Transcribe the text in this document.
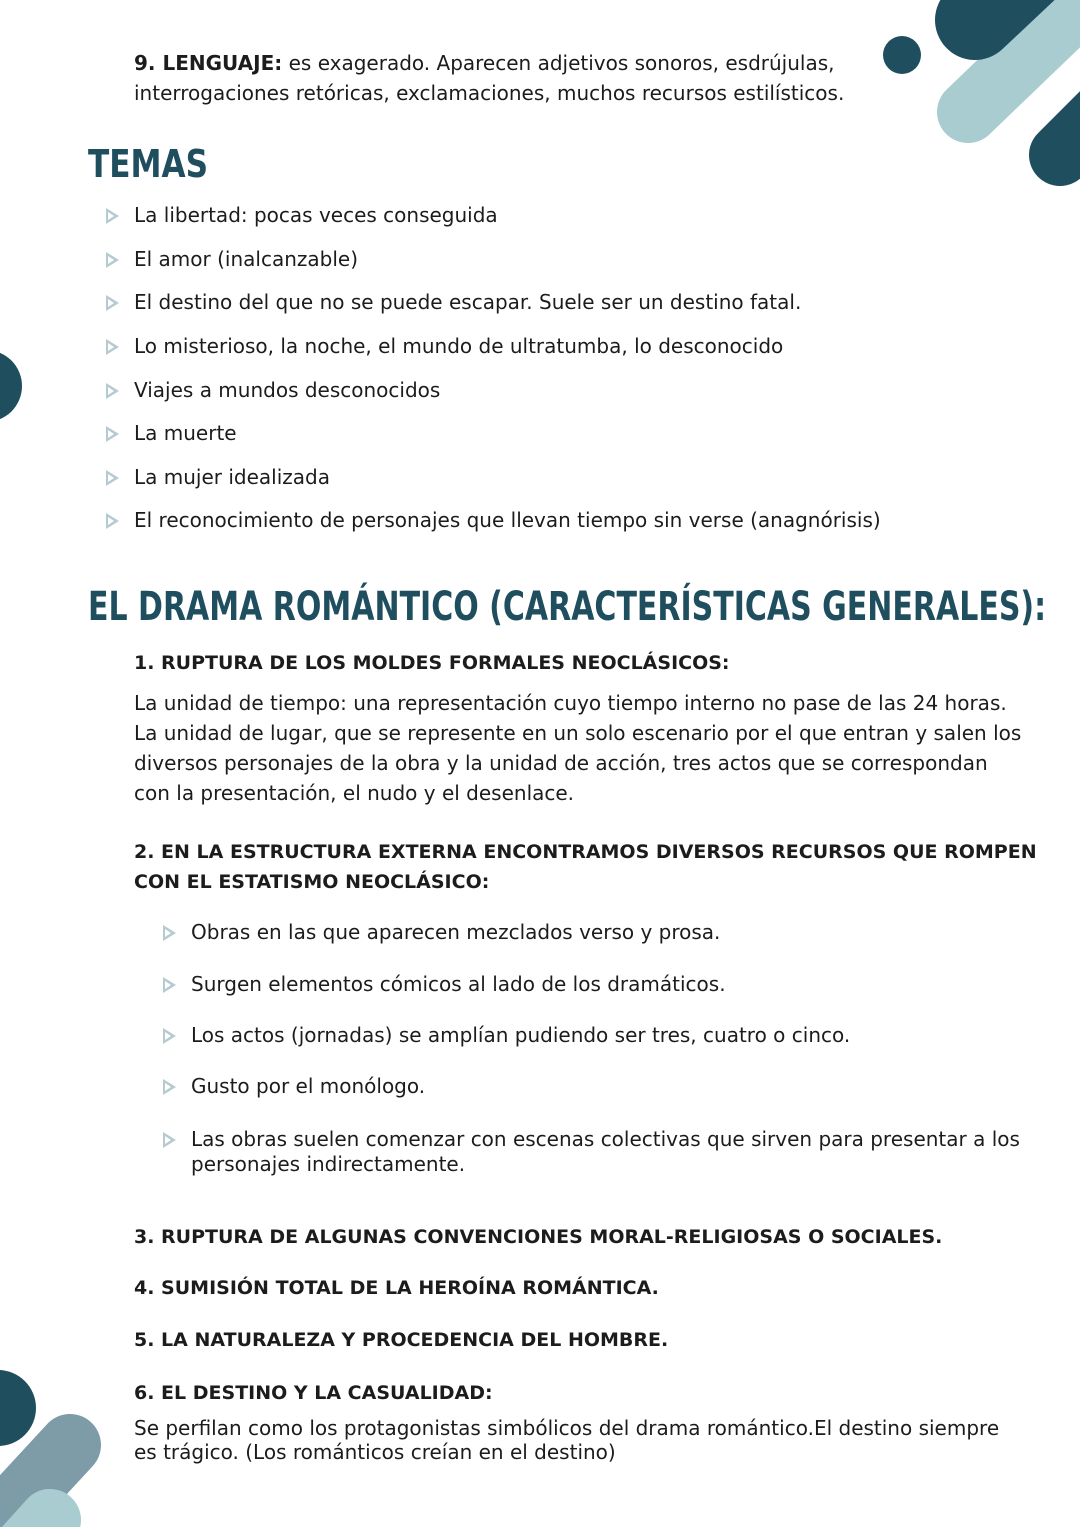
9. LENGUAJE: es exagerado. Aparecen adjetivos sonoros, esdrújulas,

interrogaciones retóricas, exclamaciones, muchos recursos estilísticos.

TEMAS
La libertad: pocas veces conseguida
El amor (inalcanzable)
El destino del que no se puede escapar. Suele ser un destino fatal.
Lo misterioso, la noche, el mundo de ultratumba, lo desconocido
Viajes a mundos desconocidos
La muerte
La mujer idealizada
El reconocimiento de personajes que llevan tiempo sin verse (anagnórisis)
EL DRAMA ROMÁNTICO (CARACTERÍSTICAS GENERALES):

1. RUPTURA DE LOS MOLDES FORMALES NEOCLÁSICOS:

La unidad de tiempo: una representación cuyo tiempo interno no pase de las 24 horas.

La unidad de lugar, que se represente en un solo escenario por el que entran y salen los

diversos personajes de la obra y la unidad de acción, tres actos que se correspondan

con la presentación, el nudo y el desenlace.

2. EN LA ESTRUCTURA EXTERNA ENCONTRAMOS DIVERSOS RECURSOS QUE ROMPEN

CON EL ESTATISMO NEOCLÁSICO:

Obras en las que aparecen mezclados verso y prosa.
Surgen elementos cómicos al lado de los dramáticos.
Los actos (jornadas) se amplían pudiendo ser tres, cuatro o cinco.
Gusto por el monólogo.
Las obras suelen comenzar con escenas colectivas que sirven para presentar a los

personajes indirectamente.

3. RUPTURA DE ALGUNAS CONVENCIONES MORAL-RELIGIOSAS O SOCIALES.

4. SUMISIÓN TOTAL DE LA HEROÍNA ROMÁNTICA.

5. LA NATURALEZA Y PROCEDENCIA DEL HOMBRE.

6. EL DESTINO Y LA CASUALIDAD:

Se perfilan como los protagonistas simbólicos del drama romántico.El destino siempre

es trágico. (Los románticos creían en el destino)
